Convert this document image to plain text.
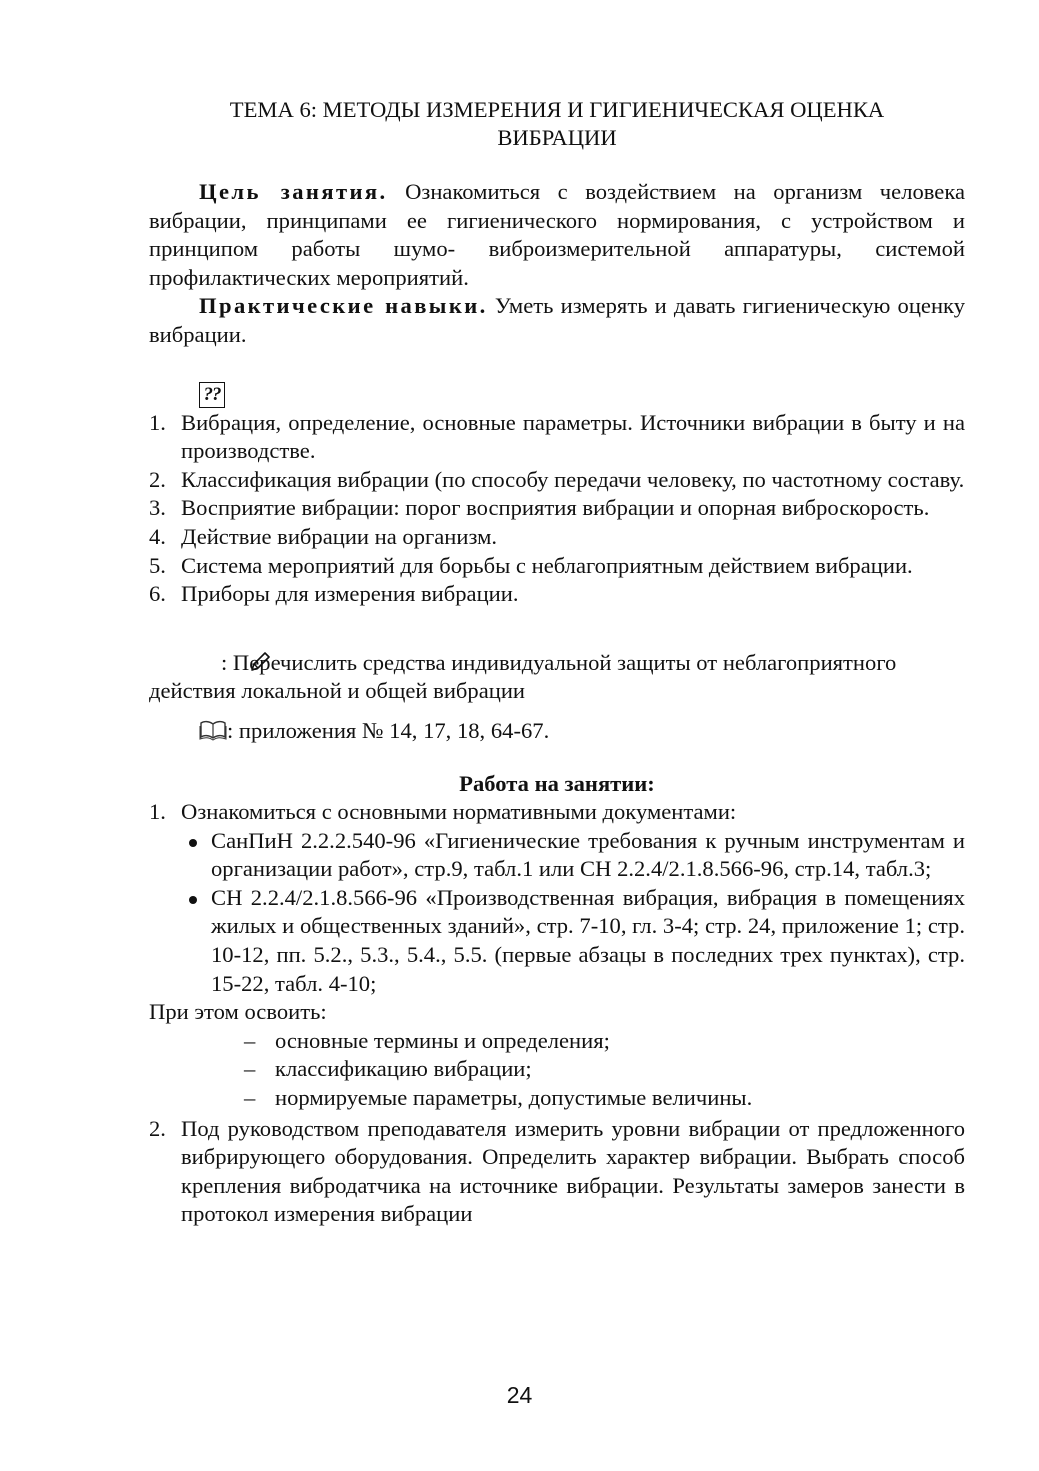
ТЕМА 6: МЕТОДЫ ИЗМЕРЕНИЯ И ГИГИЕНИЧЕСКАЯ ОЦЕНКА
ВИБРАЦИИ

Цель занятия. Ознакомиться с воздействием на организм человека вибрации, принципами ее гигиенического нормирования, с устройством и принципом работы шумо- виброизмерительной аппаратуры, системой профилактических мероприятий.

Практические навыки. Уметь измерять и давать гигиеническую оценку вибрации.

??
1. Вибрация, определение, основные параметры. Источники вибрации в быту и на производстве.
2. Классификация вибрации (по способу передачи человеку, по частотному составу.
3. Восприятие вибрации: порог восприятия вибрации и опорная виброскорость.
4. Действие вибрации на организм.
5. Система мероприятий для борьбы с неблагоприятным действием вибрации.
6. Приборы для измерения вибрации.

: Перечислить средства индивидуальной защиты от неблагоприятного действия локальной и общей вибрации

: приложения № 14, 17, 18, 64-67.

Работа на занятии:

1. Ознакомиться с основными нормативными документами:
СанПиН 2.2.2.540-96 «Гигиенические требования к ручным инструментам и организации работ», стр.9, табл.1 или СН 2.2.4/2.1.8.566-96, стр.14, табл.3;
СН 2.2.4/2.1.8.566-96 «Производственная вибрация, вибрация в помещениях жилых и общественных зданий», стр. 7-10, гл. 3-4; стр. 24, приложение 1; стр. 10-12, пп. 5.2., 5.3., 5.4., 5.5. (первые абзацы в последних трех пунктах), стр. 15-22, табл. 4-10;

При этом освоить:

– основные термины и определения;
– классификацию вибрации;
– нормируемые параметры, допустимые величины.
2. Под руководством преподавателя измерить уровни вибрации от предложенного вибрирующего оборудования. Определить характер вибрации. Выбрать способ крепления вибродатчика на источнике вибрации. Результаты замеров занести в протокол измерения вибрации
24
